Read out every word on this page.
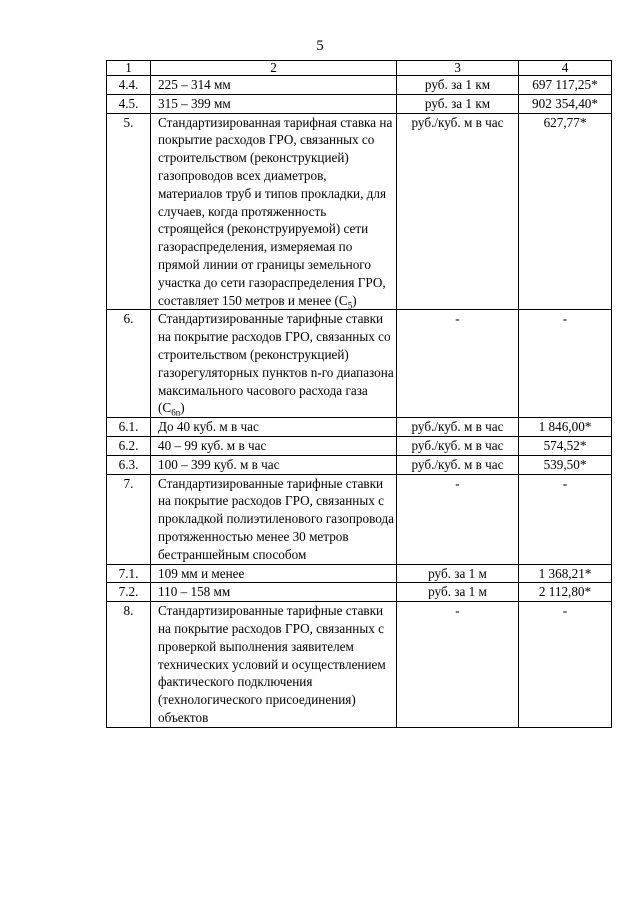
5
1	2	3	4
4.4.	225 – 314 мм	руб. за 1 км	697 117,25*
4.5.	315 – 399 мм	руб. за 1 км	902 354,40*
5.	Стандартизированная тарифная ставка на покрытие расходов ГРО, связанных со строительством (реконструкцией) газопроводов всех диаметров, материалов труб и типов прокладки, для случаев, когда протяженность строящейся (реконструируемой) сети газораспределения, измеряемая по прямой линии от границы земельного участка до сети газораспределения ГРО, составляет 150 метров и менее $(С_5)$	руб./куб. м в час	627,77*
6.	Стандартизированные тарифные ставки на покрытие расходов ГРО, связанных со строительством (реконструкцией) газорегуляторных пунктов n-го диапазона максимального часового расхода газа $(С_{6n})$	-	-
6.1.	До 40 куб. м в час	руб./куб. м в час	1 846,00*
6.2.	40 – 99 куб. м в час	руб./куб. м в час	574,52*
6.3.	100 – 399 куб. м в час	руб./куб. м в час	539,50*
7.	Стандартизированные тарифные ставки на покрытие расходов ГРО, связанных с прокладкой полиэтиленового газопровода протяженностью менее 30 метров бестраншейным способом	-	-
7.1.	109 мм и менее	руб. за 1 м	1 368,21*
7.2.	110 – 158 мм	руб. за 1 м	2 112,80*
8.	Стандартизированные тарифные ставки на покрытие расходов ГРО, связанных с проверкой выполнения заявителем технических условий и осуществлением фактического подключения (технологического присоединения) объектов	-	-
